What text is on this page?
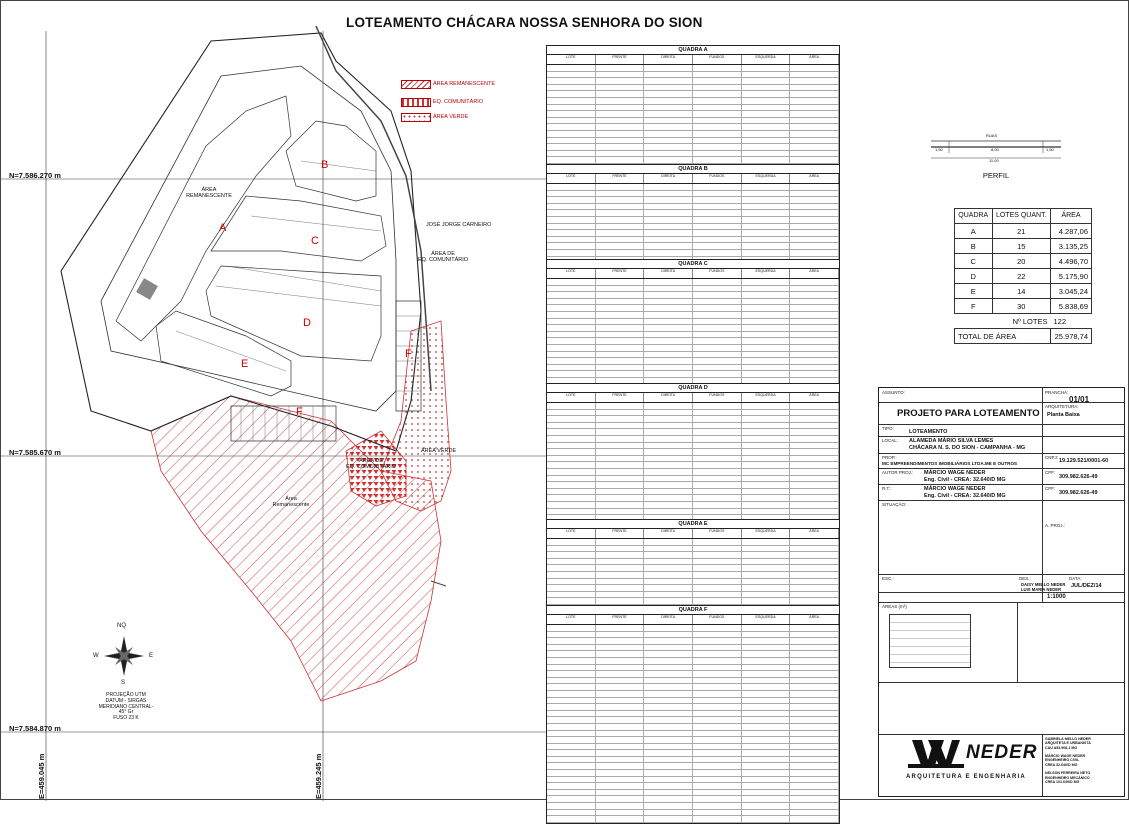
LOTEAMENTO CHÁCARA NOSSA SENHORA DO SION
N=7.586.270 m
N=7.585.670 m
N=7.584.870 m
E=459.045 m	E=459.245 m
ÁREA REMANESCENTE
EQ. COMUNITÁRIO
ÁREA VERDE
ÁREA
REMANESCENTE
JOSÉ JORGE CARNEIRO
ÁREA DE
EQ. COMUNITÁRIO
ÁREA DE
EQ. COMUNITÁRIO
ÁREA VERDE
Área
Remanescente
A
B
C
D
E
F
F
NQ
S
E
W
PROJEÇÃO UTM
DATUM - SIRGAS
MERIDIANO CENTRAL-45° Gr
FUSO 23 K
QUADRA A
LOTE	FRENTE	DIREITA	FUNDOS	ESQUERDA	ÁREA
QUADRA B
LOTE	FRENTE	DIREITA	FUNDOS	ESQUERDA	ÁREA
QUADRA C
LOTE	FRENTE	DIREITA	FUNDOS	ESQUERDA	ÁREA
QUADRA D
LOTE	FRENTE	DIREITA	FUNDOS	ESQUERDA	ÁREA
QUADRA E
LOTE	FRENTE	DIREITA	FUNDOS	ESQUERDA	ÁREA
QUADRA F
LOTE	FRENTE	DIREITA	FUNDOS	ESQUERDA	ÁREA
RUAS
1,50	8,00	1,50
11,00
PERFIL
QUADRA	LOTES QUANT.	ÁREA
A	21	4.287,06
B	15	3.135,25
C	20	4.496,70
D	22	5.175,90
E	14	3.045,24
F	30	5.838,69
Nº LOTES		122
TOTAL DE ÁREA		25.978,74
ASSUNTO:	PRANCHA:
01/01
PROJETO PARA LOTEAMENTO
ARQUITETURA:
Planta Baixa
TIPO:
LOTEAMENTO
LOCAL: ALAMEDA MÁRIO SILVA LEMES
CHÁCARA N. S. DO SION - CAMPANHA - MG
PROP.:
MC EMPREENDIMENTOS IMOBILIÁRIOS LTDA.ME E OUTROS
CNPJ:
19.129.521/0001-60
AUTOR PROJ.: MÁRCIO WAGE NEDER
Eng. Civil - CREA: 32.640/D MG
CPF:
309.982.626-49
R.T.:	MÁRCIO WAGE NEDER
Eng. Civil - CREA: 32.640/D MG
CPF:
309.982.626-49
SITUAÇÃO:
A. PROJ.:
ESC.:	DES.:
DAISY MELLO NEDER
LUIS MARIA NEDER
DATA:
JUL/DEZ/14
1:1000
ÁREAS (m²)
GABRIELA MELLO NEDER
ARQUITETA E URBANISTA
CAU A53.908-1 MG

MÁRCIO WAGE NEDER
ENGENHEIRO CIVIL
CREA 32.640/D MG

NELSON FERREIRA NETO
ENGENHEIRO MECÂNICO
CREA 101.639/D MG
NEDER
ARQUITETURA E ENGENHARIA
